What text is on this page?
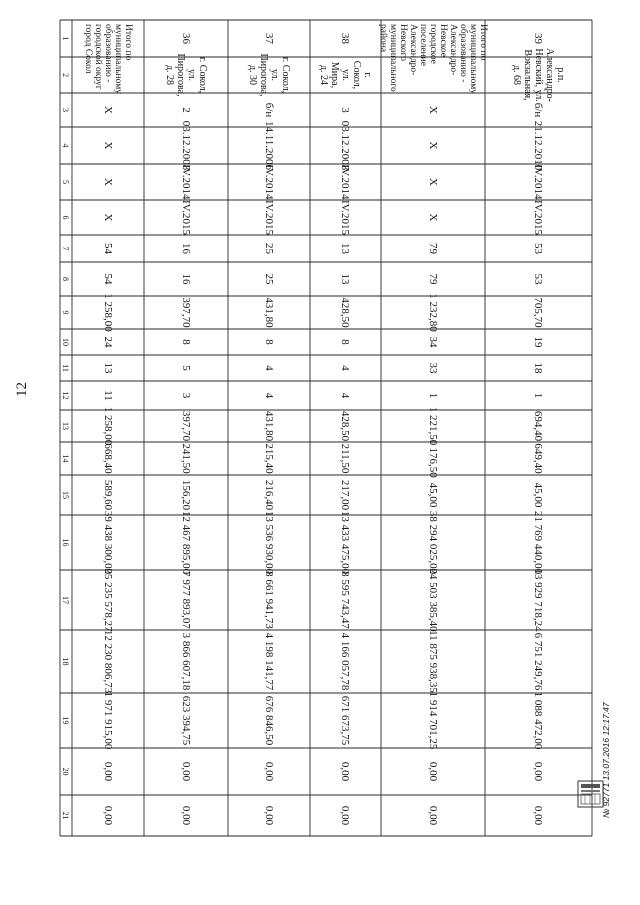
12
1
2
3
4
5
6
7
8
9
10
11
12
13
14
15
16
17
18
19
20
21
Итого по муниципальному образованию - городской округ город Сокол
X
X
X
X
54
54
1 258,00
24
13
11
1 258,00
668,40
589,60
39 438 300,00
25 235 578,27
12 230 806,73
1 971 915,00
0,00
0,00
36
г. Сокол, ул. Пирогова, д. 28
2
03.12.2008
IV.2014
IV.2015
16
16
397,70
8
5
3
397,70
241,50
156,20
12 467 895,00
7 977 893,07
3 866 607,18
623 394,75
0,00
0,00
37
г. Сокол, ул. Пирогова, д. 30
б/н
14.11.2006
IV.2014
IV.2015
25
25
431,80
8
4
4
431,80
215,40
216,40
13 536 930,00
8 661 941,73
4 198 141,77
676 846,50
0,00
0,00
38
г. Сокол, ул. Мира, д. 24
3
03.12.2008
IV.2014
IV.2015
13
13
428,50
8
4
4
428,50
211,50
217,00
13 433 475,00
8 595 743,47
4 166 057,78
671 673,75
0,00
0,00
Итого по муниципальному образованию - Александро-Невское городское поселение Александро-Невского муниципального района
X
X
X
X
79
79
1 232,80
34
33
1
1 221,50
1 176,50
45,00
38 294 025,00
24 503 385,40
11 875 938,35
1 914 701,25
0,00
0,00
39
р.п. Александро-Невский, ул. Вокзальная, д. 68
б/н
21.12.2010
IV.2014
IV.2015
53
53
705,70
19
18
1
694,40
649,40
45,00
21 769 440,00
13 929 718,24
6 751 249,76
1 088 472,00
0,00
0,00	№ 92771 13.07.2016 12:17:47
